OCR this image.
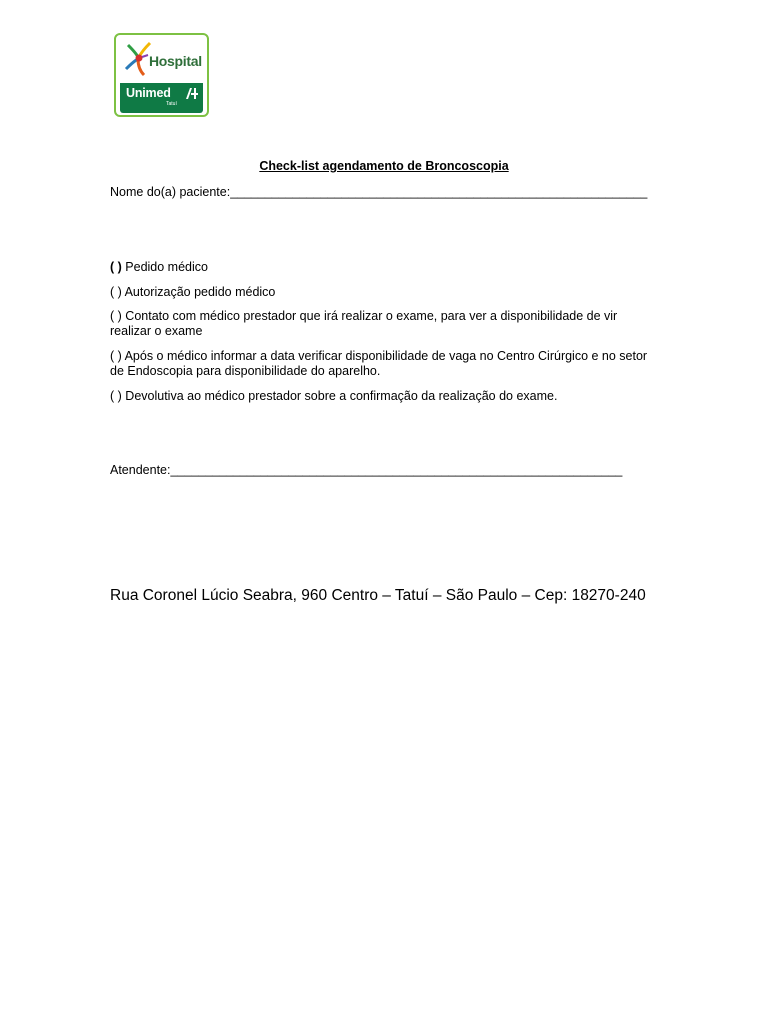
Hospital
Unimed
Tatuí
Check-list agendamento de Broncoscopia
Nome do(a) paciente:____________________________________________________________
( ) Pedido médico
( ) Autorização pedido médico
( ) Contato com médico prestador que irá realizar o exame, para ver a disponibilidade de vir realizar o exame
( ) Após o médico informar a data verificar disponibilidade de vaga no Centro Cirúrgico e no setor de Endoscopia para disponibilidade do aparelho.
( ) Devolutiva ao médico prestador sobre a confirmação da realização do exame.
Atendente:_________________________________________________________________
Rua Coronel Lúcio Seabra, 960 Centro – Tatuí – São Paulo – Cep: 18270-240
